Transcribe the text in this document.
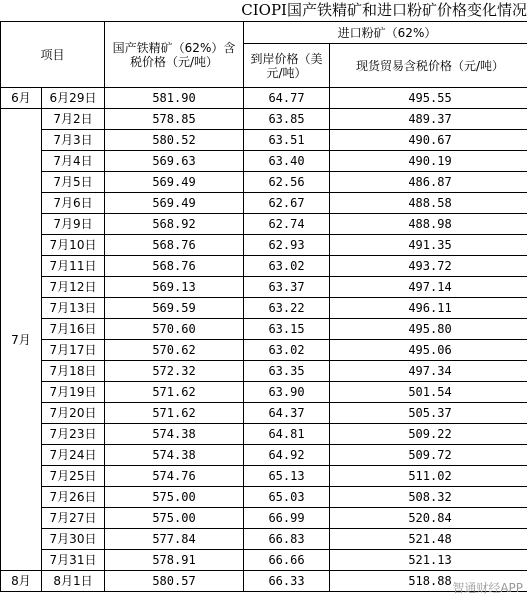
CIOPI国产铁精矿和进口粉矿价格变化情况
项目		国产铁精矿（62%）含税价格（元/吨）	进口粉矿（62%）	
			到岸价格（美元/吨）	现货贸易含税价格（元/吨）
6月	6月29日	581.90	64.77	495.55
7月	7月2日	578.85	63.85	489.37
	7月3日	580.52	63.51	490.67
	7月4日	569.63	63.40	490.19
	7月5日	569.49	62.56	486.87
	7月6日	569.49	62.67	488.58
	7月9日	568.92	62.74	488.98
	7月10日	568.76	62.93	491.35
	7月11日	568.76	63.02	493.72
	7月12日	569.13	63.37	497.14
	7月13日	569.59	63.22	496.11
	7月16日	570.60	63.15	495.80
	7月17日	570.62	63.02	495.06
	7月18日	572.32	63.35	497.34
	7月19日	571.62	63.90	501.54
	7月20日	571.62	64.37	505.37
	7月23日	574.38	64.81	509.22
	7月24日	574.38	64.92	509.72
	7月25日	574.76	65.13	511.02
	7月26日	575.00	65.03	508.32
	7月27日	575.00	66.99	520.84
	7月30日	577.84	66.83	521.48
	7月31日	578.91	66.66	521.13
8月	8月1日	580.57	66.33	518.88 智通财经APP
